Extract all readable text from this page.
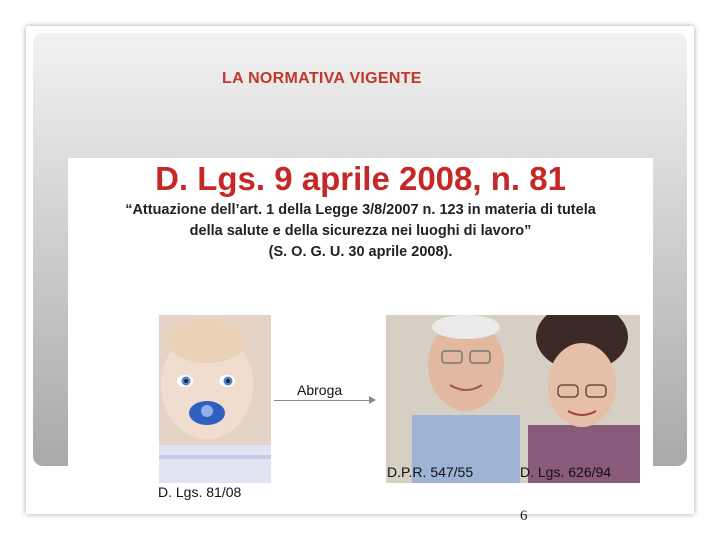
LA NORMATIVA VIGENTE
D. Lgs. 9 aprile 2008, n. 81
“Attuazione dell’art. 1 della Legge 3/8/2007 n. 123 in materia di tutela
della salute e della sicurezza nei luoghi di lavoro”
(S. O. G. U. 30 aprile 2008).
Abroga
D.P.R. 547/55	D. Lgs. 626/94
D. Lgs. 81/08
6
